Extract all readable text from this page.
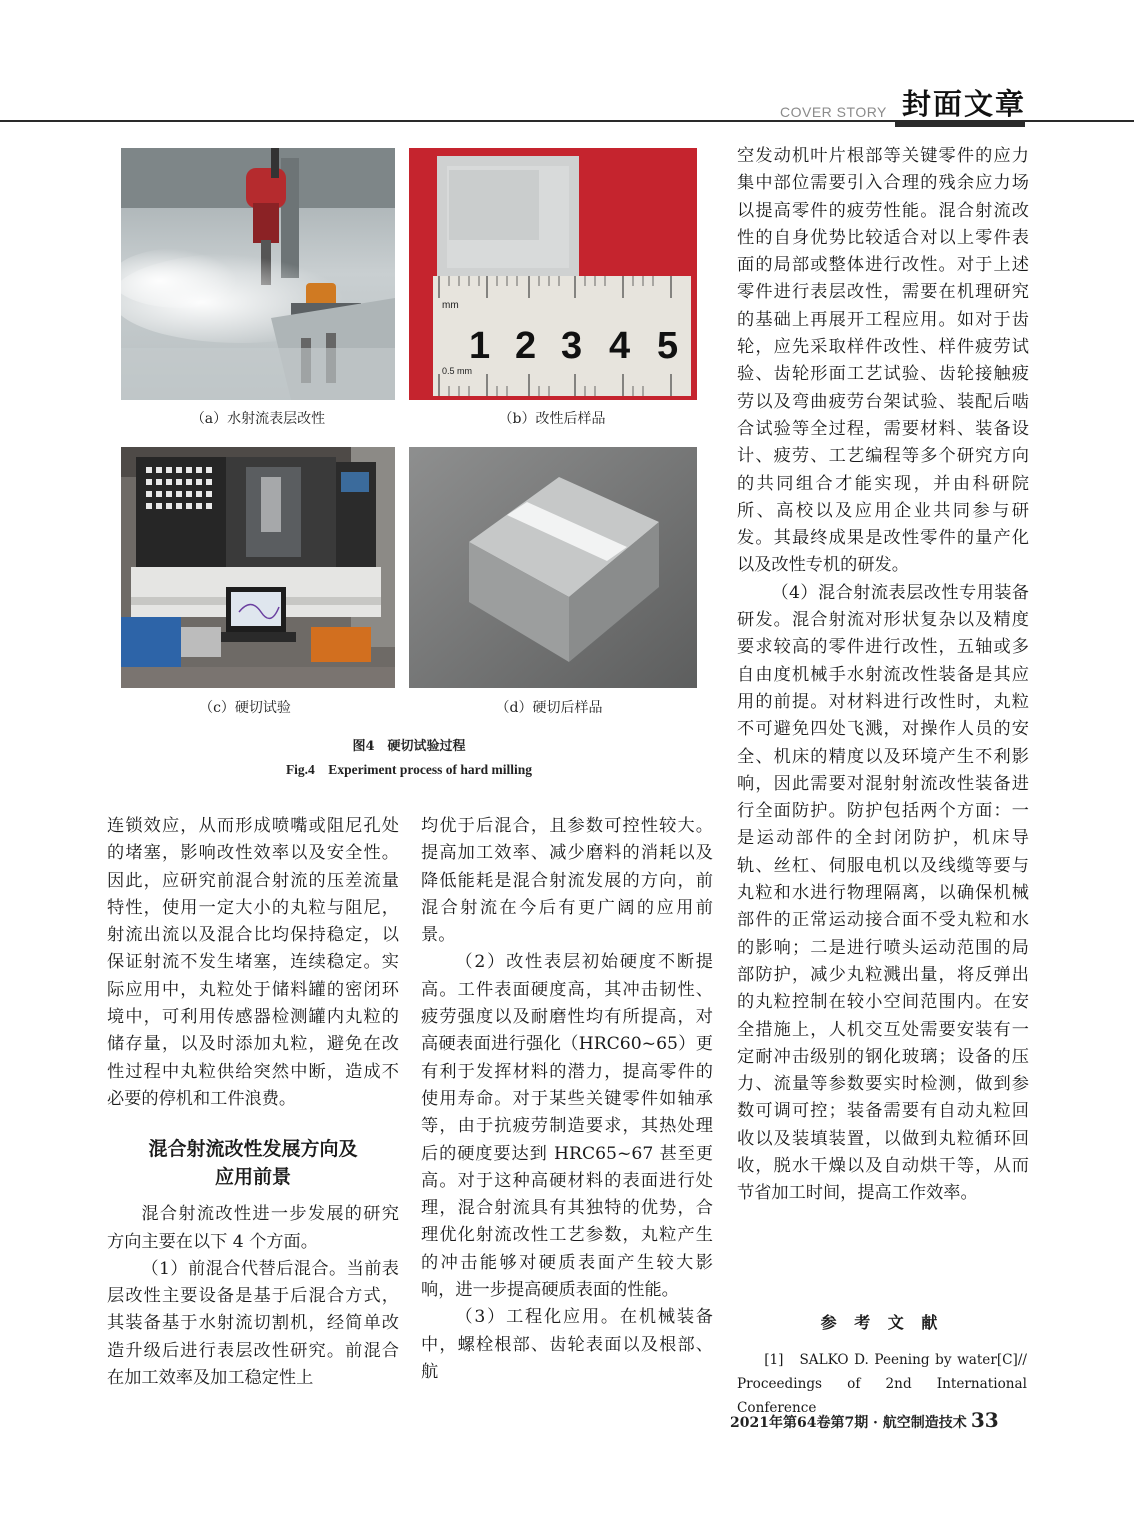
COVER STORY 封面文章
（a）水射流表层改性
mm
0.5 mm
1 2 3 4 5
（b）改性后样品
（c）硬切试验	（d）硬切后样品
图4　硬切试验过程
Fig.4　Experiment process of hard milling

连锁效应，从而形成喷嘴或阻尼孔处的堵塞，影响改性效率以及安全性。因此，应研究前混合射流的压差流量特性，使用一定大小的丸粒与阻尼，射流出流以及混合比均保持稳定，以保证射流不发生堵塞，连续稳定。实际应用中，丸粒处于储料罐的密闭环境中，可利用传感器检测罐内丸粒的储存量，以及时添加丸粒，避免在改性过程中丸粒供给突然中断，造成不必要的停机和工件浪费。

混合射流改性发展方向及
应用前景

混合射流改性进一步发展的研究方向主要在以下 4 个方面。

（1）前混合代替后混合。当前表层改性主要设备是基于后混合方式，其装备基于水射流切割机，经简单改造升级后进行表层改性研究。前混合在加工效率及加工稳定性上

均优于后混合，且参数可控性较大。提高加工效率、减少磨料的消耗以及降低能耗是混合射流发展的方向，前混合射流在今后有更广阔的应用前景。

（2）改性表层初始硬度不断提高。工件表面硬度高，其冲击韧性、疲劳强度以及耐磨性均有所提高，对高硬表面进行强化（HRC60~65）更有利于发挥材料的潜力，提高零件的使用寿命。对于某些关键零件如轴承等，由于抗疲劳制造要求，其热处理后的硬度要达到 HRC65~67 甚至更高。对于这种高硬材料的表面进行处理，混合射流具有其独特的优势，合理优化射流改性工艺参数，丸粒产生的冲击能够对硬质表面产生较大影响，进一步提高硬质表面的性能。

（3）工程化应用。在机械装备中，螺栓根部、齿轮表面以及根部、航

空发动机叶片根部等关键零件的应力集中部位需要引入合理的残余应力场以提高零件的疲劳性能。混合射流改性的自身优势比较适合对以上零件表面的局部或整体进行改性。对于上述零件进行表层改性，需要在机理研究的基础上再展开工程应用。如对于齿轮，应先采取样件改性、样件疲劳试验、齿轮形面工艺试验、齿轮接触疲劳以及弯曲疲劳台架试验、装配后啮合试验等全过程，需要材料、装备设计、疲劳、工艺编程等多个研究方向的共同组合才能实现，并由科研院所、高校以及应用企业共同参与研发。其最终成果是改性零件的量产化以及改性专机的研发。

（4）混合射流表层改性专用装备研发。混合射流对形状复杂以及精度要求较高的零件进行改性，五轴或多自由度机械手水射流改性装备是其应用的前提。对材料进行改性时，丸粒不可避免四处飞溅，对操作人员的安全、机床的精度以及环境产生不利影响，因此需要对混射射流改性装备进行全面防护。防护包括两个方面：一是运动部件的全封闭防护，机床导轨、丝杠、伺服电机以及线缆等要与丸粒和水进行物理隔离，以确保机械部件的正常运动接合面不受丸粒和水的影响；二是进行喷头运动范围的局部防护，减少丸粒溅出量，将反弹出的丸粒控制在较小空间范围内。在安全措施上，人机交互处需要安装有一定耐冲击级别的钢化玻璃；设备的压力、流量等参数要实时检测，做到参数可调可控；装备需要有自动丸粒回收以及装填装置，以做到丸粒循环回收，脱水干燥以及自动烘干等，从而节省加工时间，提高工作效率。

参 考 文 献
[1]　SALKO D. Peening by water[C]// Proceedings of 2nd International Conference
2021年第64卷第7期 · 航空制造技术 33
